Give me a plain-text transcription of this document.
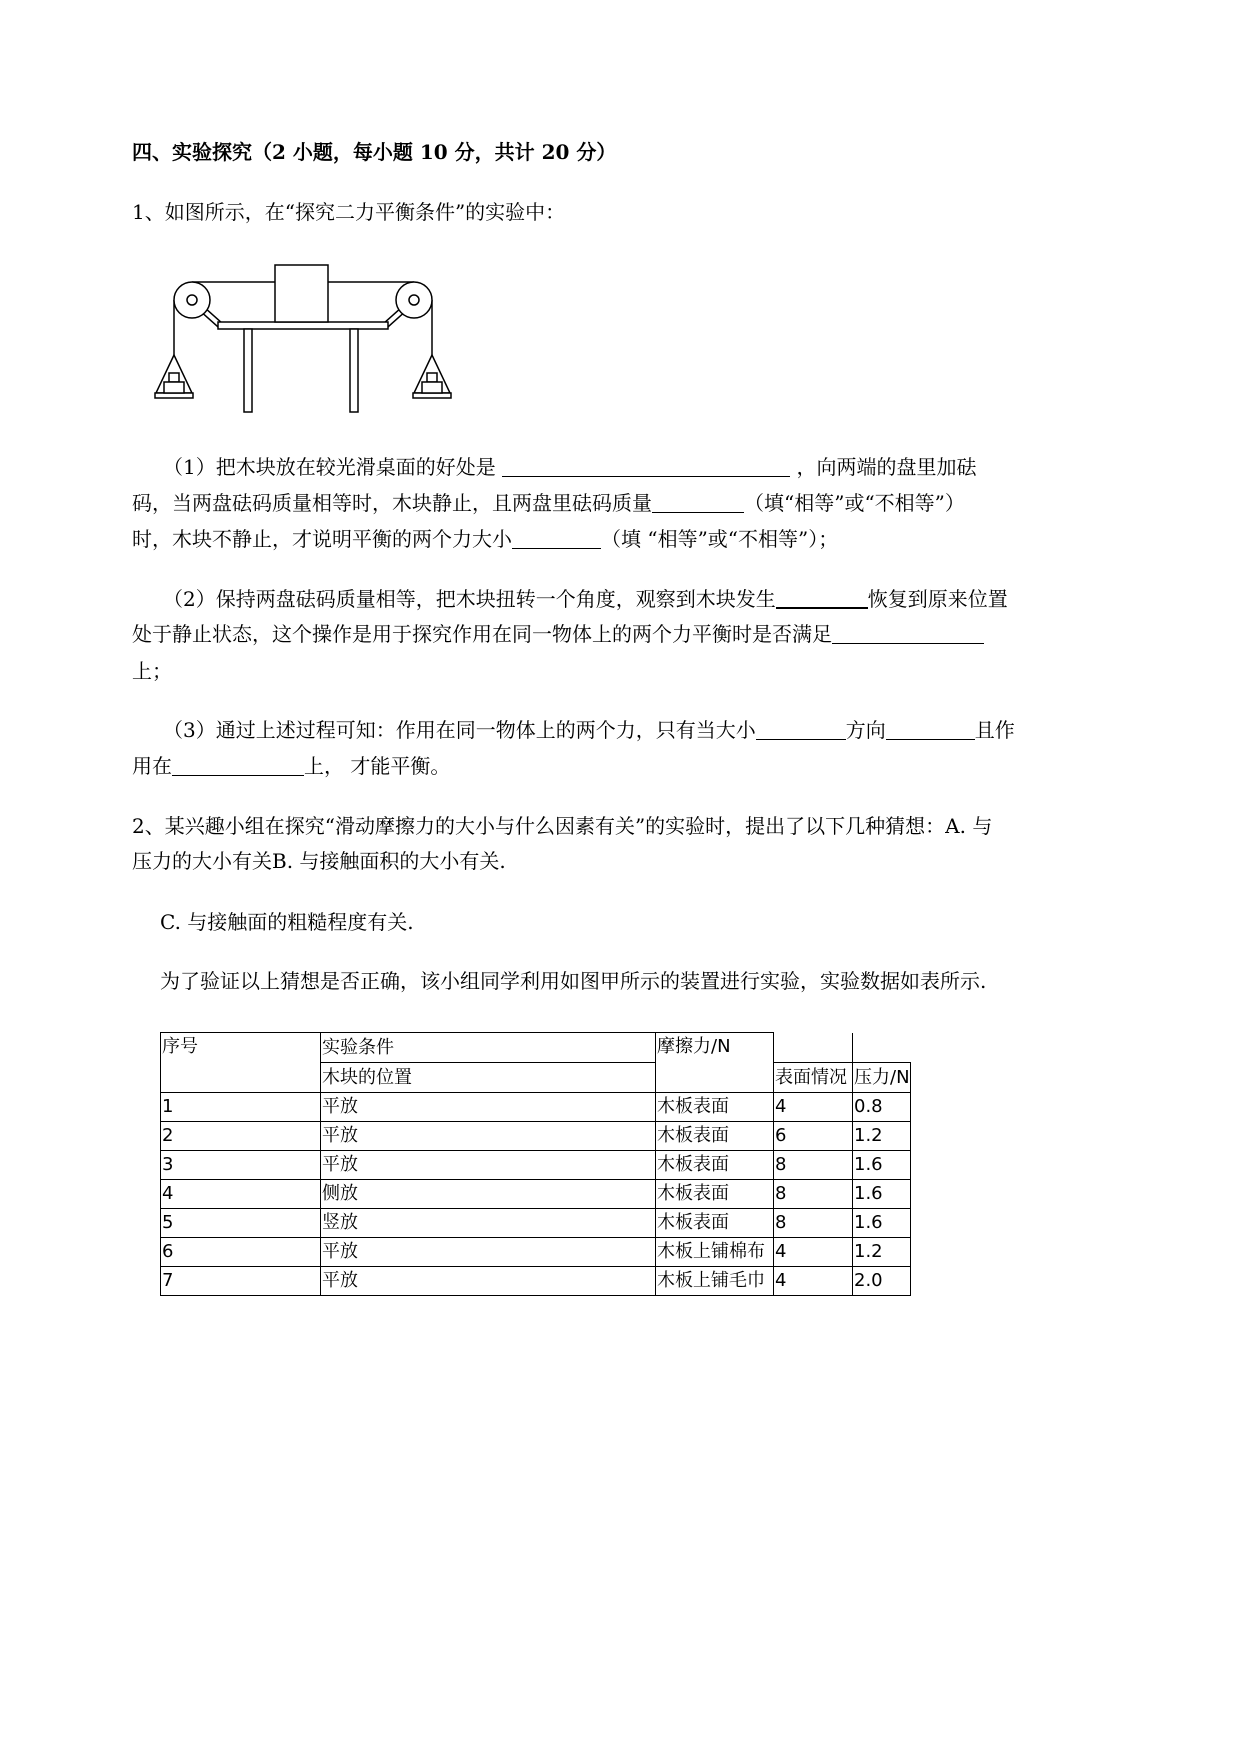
四、实验探究（2 小题，每小题 10 分，共计 20 分）
1、如图所示，在“探究二力平衡条件”的实验中：
（1）把木块放在较光滑桌面的好处是	，向两端的盘里加砝
码，当两盘砝码质量相等时，木块静止，且两盘里砝码质量	（填“相等”或“不相等”）
时，木块不静止，才说明平衡的两个力大小	（填 “相等”或“不相等”）；
（2）保持两盘砝码质量相等，把木块扭转一个角度，观察到木块发生	恢复到原来位置
处于静止状态，这个操作是用于探究作用在同一物体上的两个力平衡时是否满足
上；
（3）通过上述过程可知：作用在同一物体上的两个力，只有当大小	方向	且作
用在	上， 才能平衡。
2、某兴趣小组在探究“滑动摩擦力的大小与什么因素有关”的实验时，提出了以下几种猜想：A. 与
压力的大小有关B. 与接触面积的大小有关.
C. 与接触面的粗糙程度有关.
为了验证以上猜想是否正确，该小组同学利用如图甲所示的装置进行实验，实验数据如表所示.
序号	实验条件	摩擦力/N		
	木块的位置		表面情况	压力/N
1	平放	木板表面	4	0.8
2	平放	木板表面	6	1.2
3	平放	木板表面	8	1.6
4	侧放	木板表面	8	1.6
5	竖放	木板表面	8	1.6
6	平放	木板上铺棉布	4	1.2
7	平放	木板上铺毛巾	4	2.0
